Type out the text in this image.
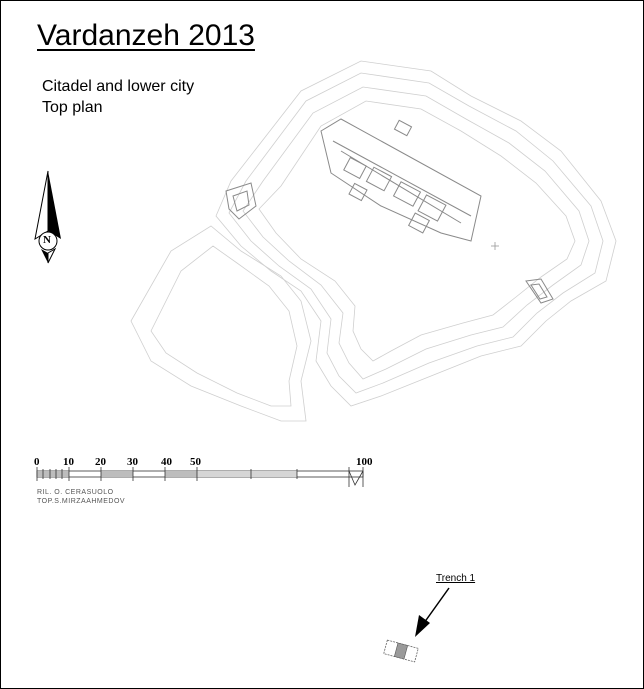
Vardanzeh 2013
Citadel and lower city
Top plan
N
0 10 20 30 40 50	100
RIL. O. CERASUOLO
TOP.S.MIRZAAHMEDOV
Trench 1
